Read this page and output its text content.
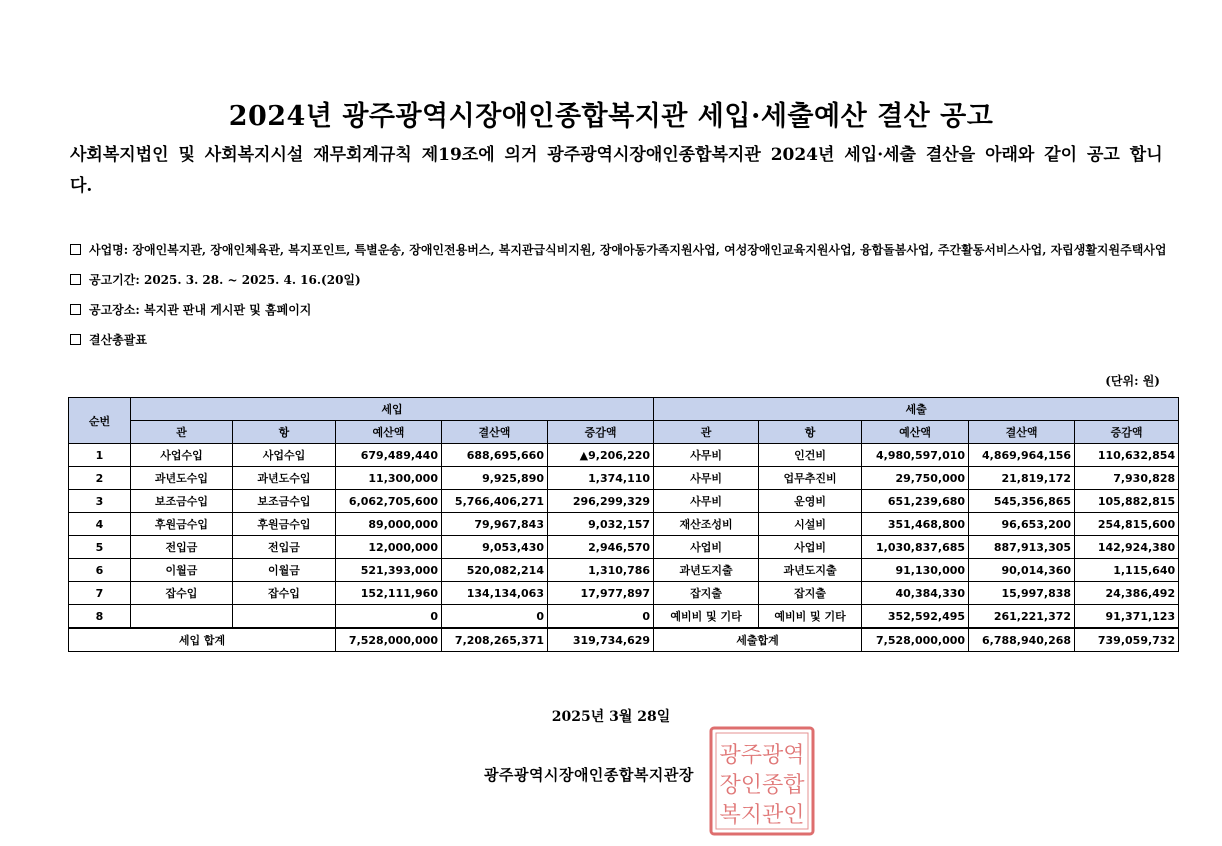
2024년 광주광역시장애인종합복지관 세입·세출예산 결산 공고
사회복지법인 및 사회복지시설 재무회계규칙 제19조에 의거 광주광역시장애인종합복지관 2024년 세입·세출 결산을 아래와 같이 공고 합니다.
사업명: 장애인복지관, 장애인체육관, 복지포인트, 특별운송, 장애인전용버스, 복지관급식비지원, 장애아동가족지원사업, 여성장애인교육지원사업, 융합돌봄사업, 주간활동서비스사업, 자립생활지원주택사업
공고기간: 2025. 3. 28. ~ 2025. 4. 16.(20일)
공고장소: 복지관 판내 게시판 및 홈페이지
결산총괄표
(단위: 원)
순번	세입					세출				
	관	항	예산액	결산액	증감액	관	항	예산액	결산액	증감액
1	사업수입	사업수입	679,489,440	688,695,660	▲9,206,220	사무비	인건비	4,980,597,010	4,869,964,156	110,632,854
2	과년도수입	과년도수입	11,300,000	9,925,890	1,374,110	사무비	업무추진비	29,750,000	21,819,172	7,930,828
3	보조금수입	보조금수입	6,062,705,600	5,766,406,271	296,299,329	사무비	운영비	651,239,680	545,356,865	105,882,815
4	후원금수입	후원금수입	89,000,000	79,967,843	9,032,157	재산조성비	시설비	351,468,800	96,653,200	254,815,600
5	전입금	전입금	12,000,000	9,053,430	2,946,570	사업비	사업비	1,030,837,685	887,913,305	142,924,380
6	이월금	이월금	521,393,000	520,082,214	1,310,786	과년도지출	과년도지출	91,130,000	90,014,360	1,115,640
7	잡수입	잡수입	152,111,960	134,134,063	17,977,897	잡지출	잡지출	40,384,330	15,997,838	24,386,492
8			0	0	0	예비비 및 기타	예비비 및 기타	352,592,495	261,221,372	91,371,123
세입 합계			7,528,000,000	7,208,265,371	319,734,629	세출합계		7,528,000,000	6,788,940,268	739,059,732
2025년 3월 28일
광주광역시장애인종합복지관장
광주광역
장인종합
복지관인
